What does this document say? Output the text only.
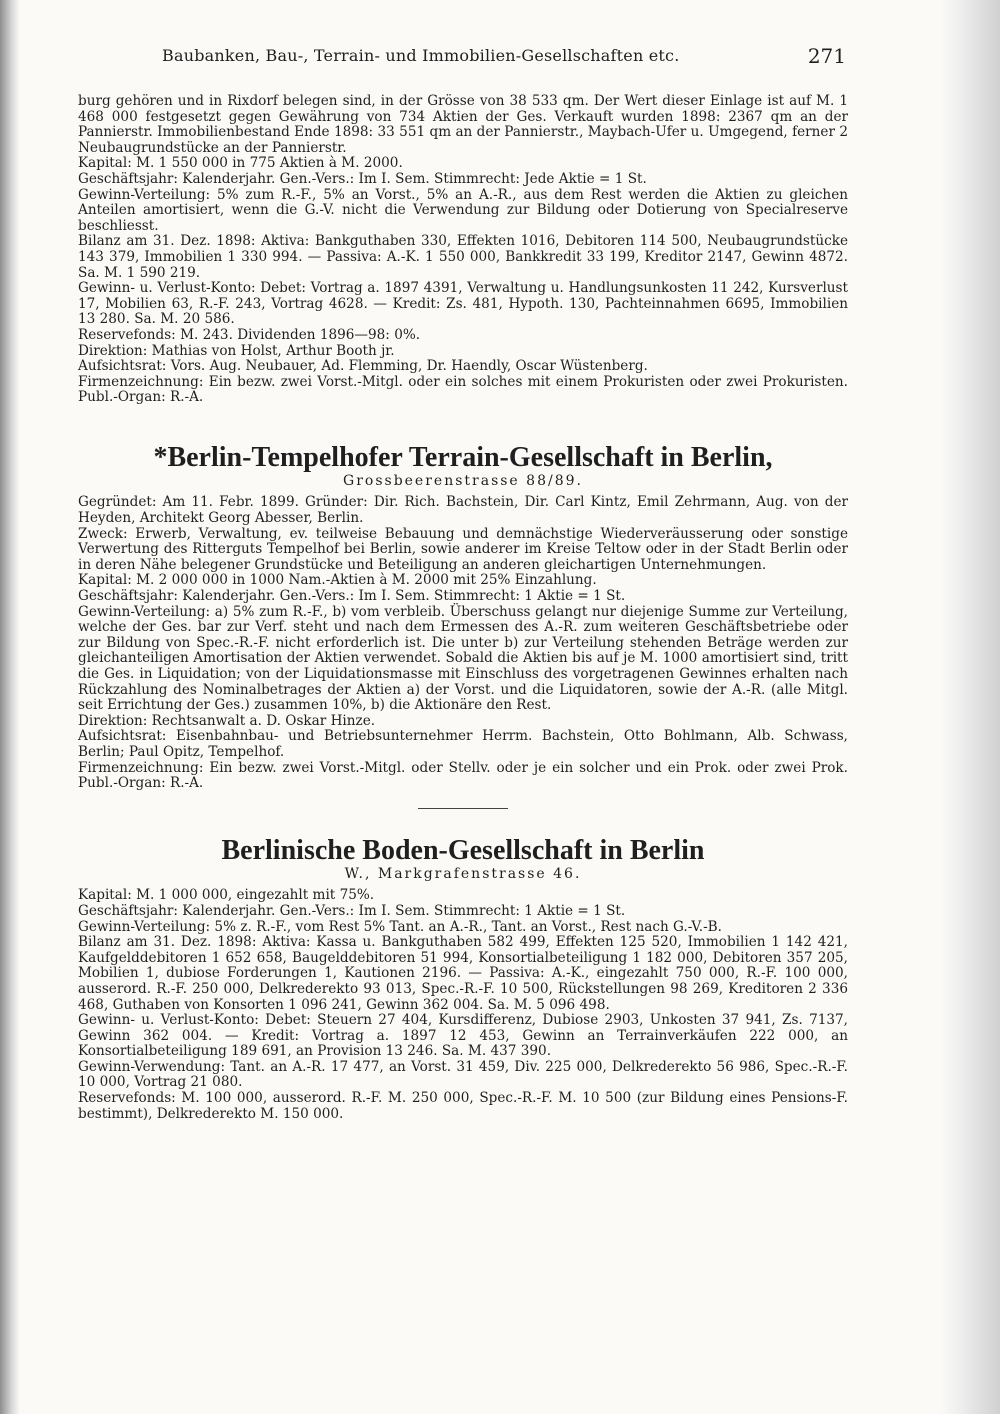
Baubanken, Bau-, Terrain- und Immobilien-Gesellschaften etc.	271

burg gehören und in Rixdorf belegen sind, in der Grösse von 38 533 qm. Der Wert dieser Einlage ist auf M. 1 468 000 festgesetzt gegen Gewährung von 734 Aktien der Ges. Verkauft wurden 1898: 2367 qm an der Pannierstr. Immobilienbestand Ende 1898: 33 551 qm an der Pannierstr., Maybach-Ufer u. Umgegend, ferner 2 Neubaugrundstücke an der Pannierstr.

Kapital: M. 1 550 000 in 775 Aktien à M. 2000.

Geschäftsjahr: Kalenderjahr. Gen.-Vers.: Im I. Sem. Stimmrecht: Jede Aktie = 1 St.

Gewinn-Verteilung: 5% zum R.-F., 5% an Vorst., 5% an A.-R., aus dem Rest werden die Aktien zu gleichen Anteilen amortisiert, wenn die G.-V. nicht die Verwendung zur Bildung oder Dotierung von Specialreserve beschliesst.

Bilanz am 31. Dez. 1898: Aktiva: Bankguthaben 330, Effekten 1016, Debitoren 114 500, Neubaugrundstücke 143 379, Immobilien 1 330 994. — Passiva: A.-K. 1 550 000, Bankkredit 33 199, Kreditor 2147, Gewinn 4872. Sa. M. 1 590 219.

Gewinn- u. Verlust-Konto: Debet: Vortrag a. 1897 4391, Verwaltung u. Handlungsunkosten 11 242, Kursverlust 17, Mobilien 63, R.-F. 243, Vortrag 4628. — Kredit: Zs. 481, Hypoth. 130, Pachteinnahmen 6695, Immobilien 13 280. Sa. M. 20 586.

Reservefonds: M. 243. Dividenden 1896—98: 0%.

Direktion: Mathias von Holst, Arthur Booth jr.

Aufsichtsrat: Vors. Aug. Neubauer, Ad. Flemming, Dr. Haendly, Oscar Wüstenberg.

Firmenzeichnung: Ein bezw. zwei Vorst.-Mitgl. oder ein solches mit einem Prokuristen oder zwei Prokuristen. Publ.-Organ: R.-A.

*Berlin-Tempelhofer Terrain-Gesellschaft in Berlin,
Grossbeerenstrasse 88/89.

Gegründet: Am 11. Febr. 1899. Gründer: Dir. Rich. Bachstein, Dir. Carl Kintz, Emil Zehrmann, Aug. von der Heyden, Architekt Georg Abesser, Berlin.

Zweck: Erwerb, Verwaltung, ev. teilweise Bebauung und demnächstige Wiederveräusserung oder sonstige Verwertung des Ritterguts Tempelhof bei Berlin, sowie anderer im Kreise Teltow oder in der Stadt Berlin oder in deren Nähe belegener Grundstücke und Beteiligung an anderen gleichartigen Unternehmungen.

Kapital: M. 2 000 000 in 1000 Nam.-Aktien à M. 2000 mit 25% Einzahlung.

Geschäftsjahr: Kalenderjahr. Gen.-Vers.: Im I. Sem. Stimmrecht: 1 Aktie = 1 St.

Gewinn-Verteilung: a) 5% zum R.-F., b) vom verbleib. Überschuss gelangt nur diejenige Summe zur Verteilung, welche der Ges. bar zur Verf. steht und nach dem Ermessen des A.-R. zum weiteren Geschäftsbetriebe oder zur Bildung von Spec.-R.-F. nicht erforderlich ist. Die unter b) zur Verteilung stehenden Beträge werden zur gleichanteiligen Amortisation der Aktien verwendet. Sobald die Aktien bis auf je M. 1000 amortisiert sind, tritt die Ges. in Liquidation; von der Liquidationsmasse mit Einschluss des vorgetragenen Gewinnes erhalten nach Rückzahlung des Nominalbetrages der Aktien a) der Vorst. und die Liquidatoren, sowie der A.-R. (alle Mitgl. seit Errichtung der Ges.) zusammen 10%, b) die Aktionäre den Rest.

Direktion: Rechtsanwalt a. D. Oskar Hinze.

Aufsichtsrat: Eisenbahnbau- und Betriebsunternehmer Herrm. Bachstein, Otto Bohlmann, Alb. Schwass, Berlin; Paul Opitz, Tempelhof.

Firmenzeichnung: Ein bezw. zwei Vorst.-Mitgl. oder Stellv. oder je ein solcher und ein Prok. oder zwei Prok. Publ.-Organ: R.-A.

Berlinische Boden-Gesellschaft in Berlin
W., Markgrafenstrasse 46.

Kapital: M. 1 000 000, eingezahlt mit 75%.

Geschäftsjahr: Kalenderjahr. Gen.-Vers.: Im I. Sem. Stimmrecht: 1 Aktie = 1 St.

Gewinn-Verteilung: 5% z. R.-F., vom Rest 5% Tant. an A.-R., Tant. an Vorst., Rest nach G.-V.-B.

Bilanz am 31. Dez. 1898: Aktiva: Kassa u. Bankguthaben 582 499, Effekten 125 520, Immobilien 1 142 421, Kaufgelddebitoren 1 652 658, Baugelddebitoren 51 994, Konsortialbeteiligung 1 182 000, Debitoren 357 205, Mobilien 1, dubiose Forderungen 1, Kautionen 2196. — Passiva: A.-K., eingezahlt 750 000, R.-F. 100 000, ausserord. R.-F. 250 000, Delkrederekto 93 013, Spec.-R.-F. 10 500, Rückstellungen 98 269, Kreditoren 2 336 468, Guthaben von Konsorten 1 096 241, Gewinn 362 004. Sa. M. 5 096 498.

Gewinn- u. Verlust-Konto: Debet: Steuern 27 404, Kursdifferenz, Dubiose 2903, Unkosten 37 941, Zs. 7137, Gewinn 362 004. — Kredit: Vortrag a. 1897 12 453, Gewinn an Terrainverkäufen 222 000, an Konsortialbeteiligung 189 691, an Provision 13 246. Sa. M. 437 390.

Gewinn-Verwendung: Tant. an A.-R. 17 477, an Vorst. 31 459, Div. 225 000, Delkrederekto 56 986, Spec.-R.-F. 10 000, Vortrag 21 080.

Reservefonds: M. 100 000, ausserord. R.-F. M. 250 000, Spec.-R.-F. M. 10 500 (zur Bildung eines Pensions-F. bestimmt), Delkrederekto M. 150 000.
